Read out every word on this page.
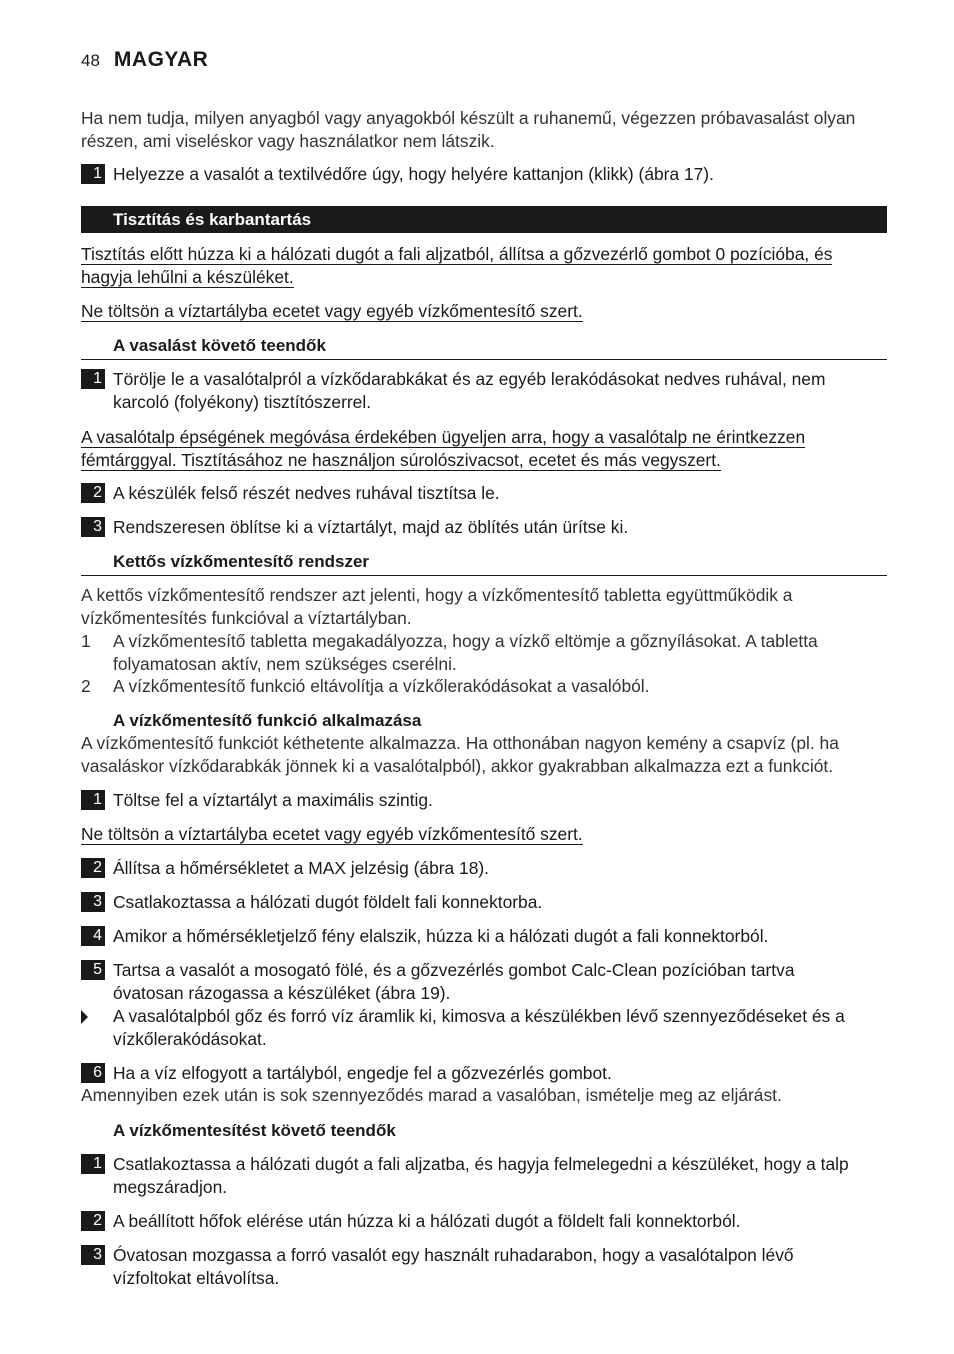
48 MAGYAR
Ha nem tudja, milyen anyagból vagy anyagokból készült a ruhanemű, végezzen próbavasalást olyan
részen, ami viseléskor vagy használatkor nem látszik.
1 Helyezze a vasalót a textilvédőre úgy, hogy helyére kattanjon (klikk) (ábra 17).
Tisztítás és karbantartás
Tisztítás előtt húzza ki a hálózati dugót a fali aljzatból, állítsa a gőzvezérlő gombot 0 pozícióba, és
hagyja lehűlni a készüléket.
Ne töltsön a víztartályba ecetet vagy egyéb vízkőmentesítő szert.
A vasalást követő teendők
1 Törölje le a vasalótalpról a vízkődarabkákat és az egyéb lerakódásokat nedves ruhával, nem
karcoló (folyékony) tisztítószerrel.
A vasalótalp épségének megóvása érdekében ügyeljen arra, hogy a vasalótalp ne érintkezzen
fémtárggyal. Tisztításához ne használjon súrolószivacsot, ecetet és más vegyszert.
2 A készülék felső részét nedves ruhával tisztítsa le.
3 Rendszeresen öblítse ki a víztartályt, majd az öblítés után ürítse ki.
Kettős vízkőmentesítő rendszer
A kettős vízkőmentesítő rendszer azt jelenti, hogy a vízkőmentesítő tabletta együttműködik a
vízkőmentesítés funkcióval a víztartályban.
1 A vízkőmentesítő tabletta megakadályozza, hogy a vízkő eltömje a gőznyílásokat. A tabletta
folyamatosan aktív, nem szükséges cserélni.
2 A vízkőmentesítő funkció eltávolítja a vízkőlerakódásokat a vasalóból.
A vízkőmentesítő funkció alkalmazása
A vízkőmentesítő funkciót kéthetente alkalmazza. Ha otthonában nagyon kemény a csapvíz (pl. ha
vasaláskor vízkődarabkák jönnek ki a vasalótalpból), akkor gyakrabban alkalmazza ezt a funkciót.
1 Töltse fel a víztartályt a maximális szintig.
Ne töltsön a víztartályba ecetet vagy egyéb vízkőmentesítő szert.
2 Állítsa a hőmérsékletet a MAX jelzésig (ábra 18).
3 Csatlakoztassa a hálózati dugót földelt fali konnektorba.
4 Amikor a hőmérsékletjelző fény elalszik, húzza ki a hálózati dugót a fali konnektorból.
5 Tartsa a vasalót a mosogató fölé, és a gőzvezérlés gombot Calc-Clean pozícióban tartva
óvatosan rázogassa a készüléket (ábra 19).
A vasalótalpból gőz és forró víz áramlik ki, kimosva a készülékben lévő szennyeződéseket és a
vízkőlerakódásokat.
6 Ha a víz elfogyott a tartályból, engedje fel a gőzvezérlés gombot.
Amennyiben ezek után is sok szennyeződés marad a vasalóban, ismételje meg az eljárást.
A vízkőmentesítést követő teendők
1 Csatlakoztassa a hálózati dugót a fali aljzatba, és hagyja felmelegedni a készüléket, hogy a talp
megszáradjon.
2 A beállított hőfok elérése után húzza ki a hálózati dugót a földelt fali konnektorból.
3 Óvatosan mozgassa a forró vasalót egy használt ruhadarabon, hogy a vasalótalpon lévő
vízfoltokat eltávolítsa.
